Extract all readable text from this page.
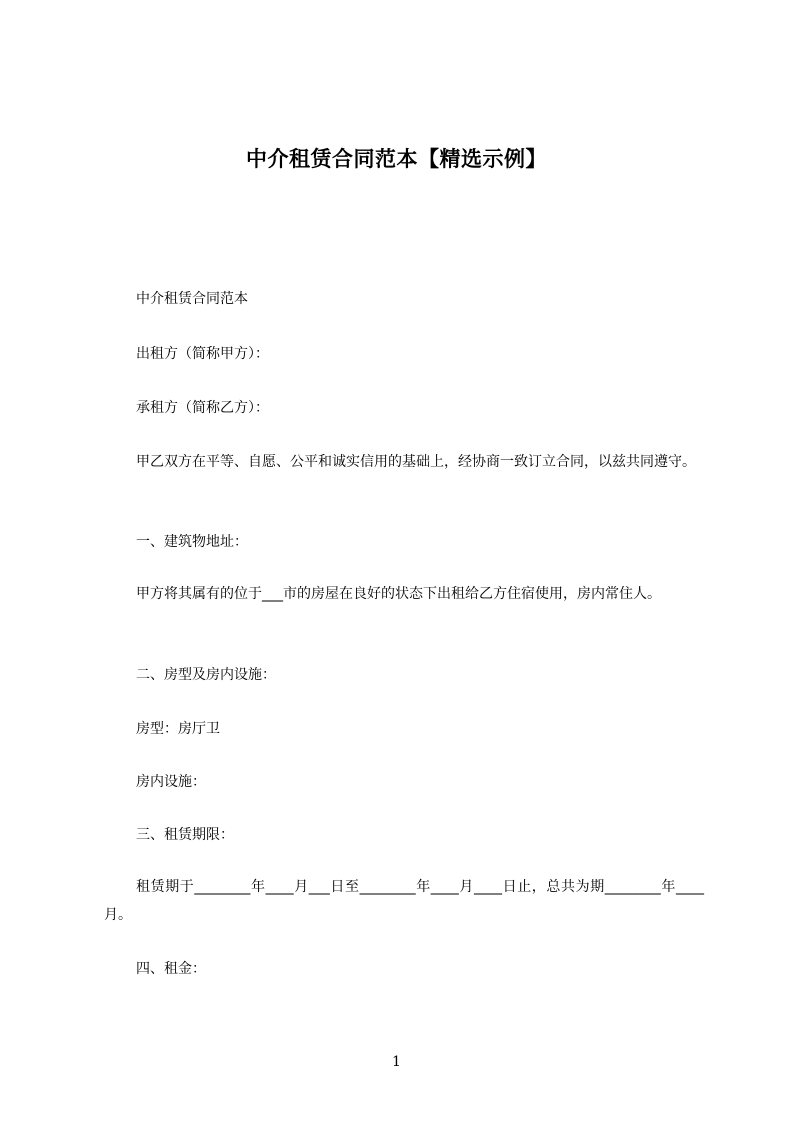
中介租赁合同范本【精选示例】

中介租赁合同范本

出租方（简称甲方）：

承租方（简称乙方）：

甲乙双方在平等、自愿、公平和诚实信用的基础上，经协商一致订立合同，以兹共同遵守。

一、建筑物地址：

甲方将其属有的位于___市的房屋在良好的状态下出租给乙方住宿使用，房内常住人。

二、房型及房内设施：

房型：房厅卫

房内设施：

三、租赁期限：

租赁期于________年____月___日至________年____月____日止，总共为期________年____月。

四、租金：

1
